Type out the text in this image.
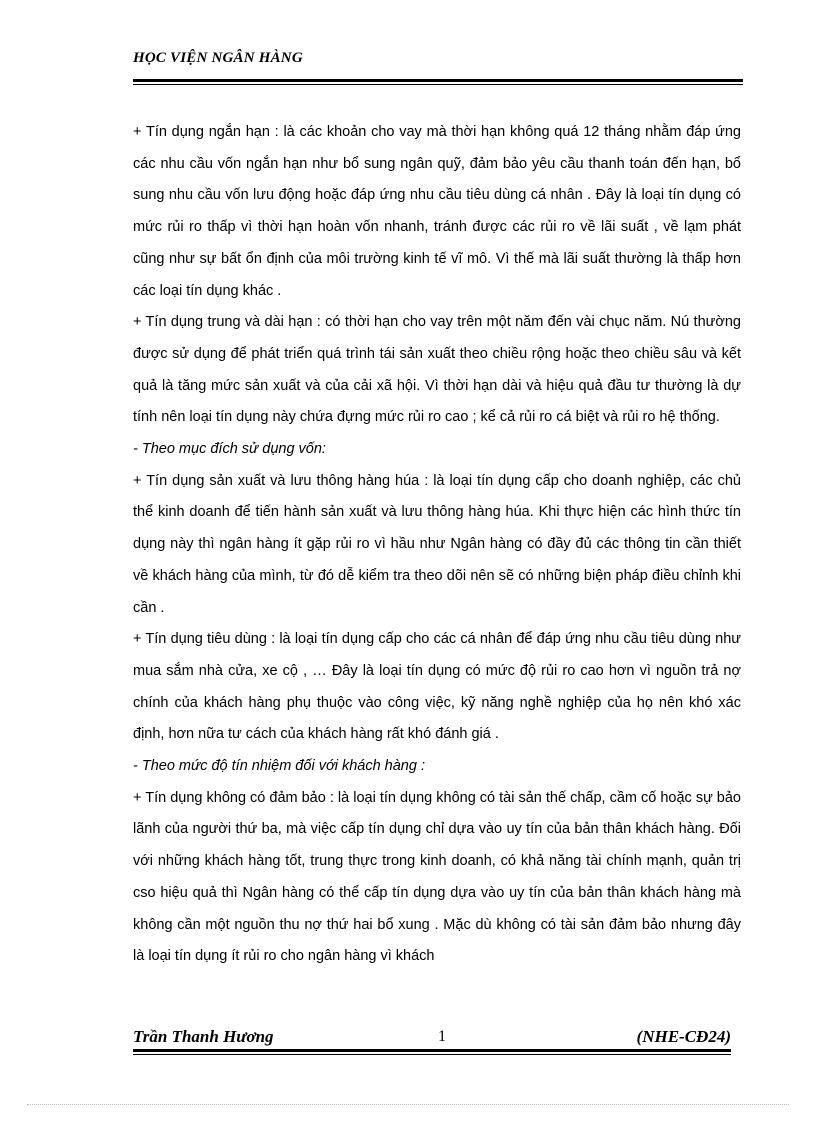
HỌC VIỆN NGÂN HÀNG

+ Tín dụng ngắn hạn : là các khoản cho vay mà thời hạn không quá 12 tháng nhằm đáp ứng các nhu cầu vốn ngắn hạn như bổ sung ngân quỹ, đảm bảo yêu cầu thanh toán đến hạn, bổ sung nhu cầu vốn lưu động hoặc đáp ứng nhu cầu tiêu dùng cá nhân . Đây là loại tín dụng có mức rủi ro thấp vì thời hạn hoàn vốn nhanh, tránh được các rủi ro về lãi suất , về lạm phát cũng như sự bất ổn định của môi trường kinh tế vĩ mô. Vì thế mà lãi suất thường là thấp hơn các loại tín dụng khác .

+ Tín dụng trung và dài hạn : có thời hạn cho vay trên một năm đến vài chục năm. Nú thường được sử dụng để phát triển quá trình tái sản xuất theo chiều rộng hoặc theo chiều sâu và kết quả là tăng mức sản xuất và của cải xã hội. Vì thời hạn dài và hiệu quả đầu tư thường là dự tính nên loại tín dụng này chứa đựng mức rủi ro cao ; kể cả rủi ro cá biệt và rủi ro hệ thống.

- Theo mục đích sử dụng vốn:

+ Tín dụng sản xuất và lưu thông hàng húa : là loại tín dụng cấp cho doanh nghiệp, các chủ thể kinh doanh để tiến hành sản xuất và lưu thông hàng húa. Khi thực hiện các hình thức tín dụng này thì ngân hàng ít gặp rủi ro vì hầu như Ngân hàng có đầy đủ các thông tin cần thiết về khách hàng của mình, từ đó dễ kiểm tra theo dõi nên sẽ có những biện pháp điều chỉnh khi cần .

+ Tín dụng tiêu dùng : là loại tín dụng cấp cho các cá nhân để đáp ứng nhu cầu tiêu dùng như mua sắm nhà cửa, xe cộ , … Đây là loại tín dụng có mức độ rủi ro cao hơn vì nguồn trả nợ chính của khách hàng phụ thuộc vào công việc, kỹ năng nghề nghiệp của họ nên khó xác định, hơn nữa tư cách của khách hàng rất khó đánh giá .

- Theo mức độ tín nhiệm đối với khách hàng :

+ Tín dụng không có đảm bảo : là loại tín dụng không có tài sản thế chấp, cầm cố hoặc sự bảo lãnh của người thứ ba, mà việc cấp tín dụng chỉ dựa vào uy tín của bản thân khách hàng. Đối với những khách hàng tốt, trung thực trong kinh doanh, có khả năng tài chính mạnh, quản trị cso hiệu quả thì Ngân hàng có thể cấp tín dụng dựa vào uy tín của bản thân khách hàng mà không cần một nguồn thu nợ thứ hai bổ xung . Mặc dù không có tài sản đảm bảo nhưng đây là loại tín dụng ít rủi ro cho ngân hàng vì khách

Trần Thanh Hương	1	(NHE-CĐ24)
